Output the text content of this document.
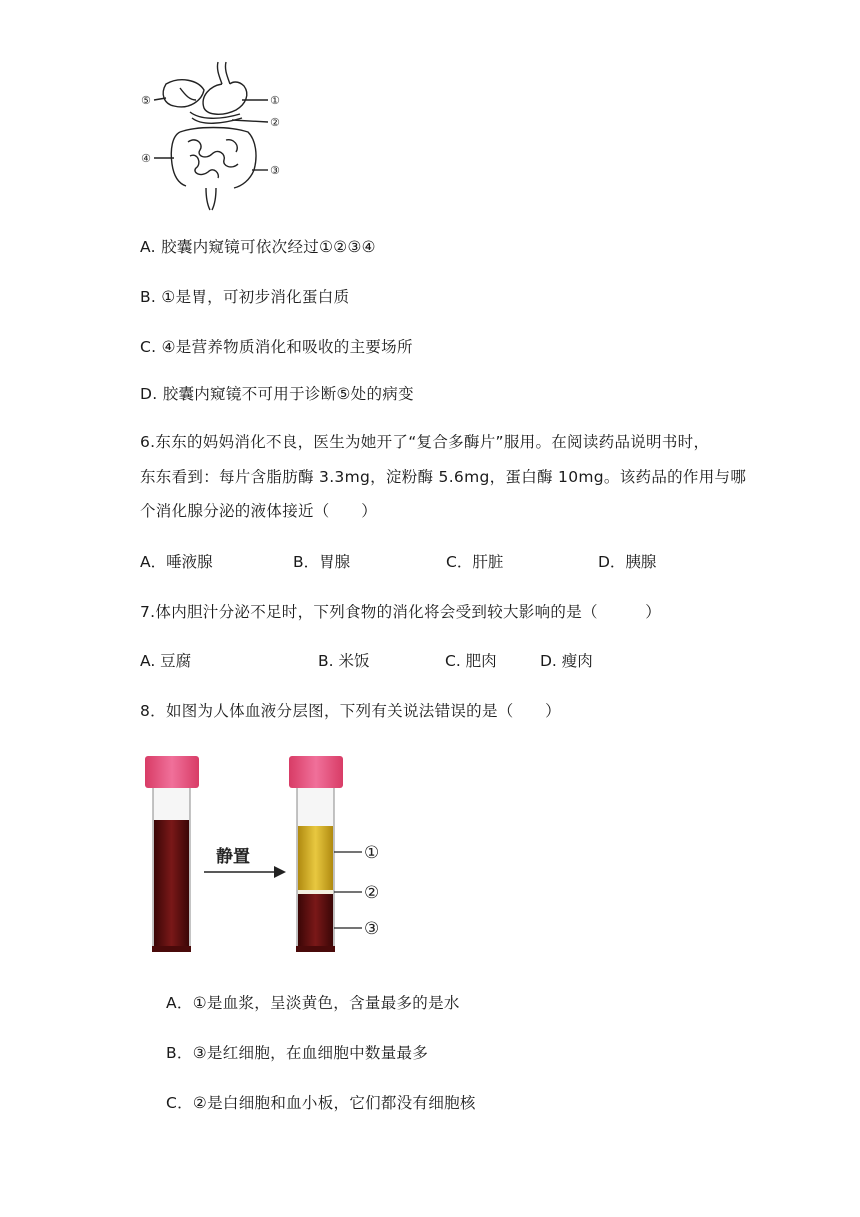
⑤	①
②
④
③
A. 胶囊内窥镜可依次经过①②③④
B. ①是胃，可初步消化蛋白质
C. ④是营养物质消化和吸收的主要场所
D. 胶囊内窥镜不可用于诊断⑤处的病变
6.东东的妈妈消化不良，医生为她开了“复合多酶片”服用。在阅读药品说明书时，
东东看到：每片含脂肪酶 3.3mg，淀粉酶 5.6mg，蛋白酶 10mg。该药品的作用与哪
个消化腺分泌的液体接近（　　）
A．唾液腺	B．胃腺	C．肝脏	D．胰腺
7.体内胆汁分泌不足时，下列食物的消化将会受到较大影响的是（　　　）
A. 豆腐	B. 米饭	C. 肥肉	D. 瘦肉
8．如图为人体血液分层图，下列有关说法错误的是（　　）
静置	①
②
③
A．①是血浆，呈淡黄色，含量最多的是水
B．③是红细胞，在血细胞中数量最多
C．②是白细胞和血小板，它们都没有细胞核
